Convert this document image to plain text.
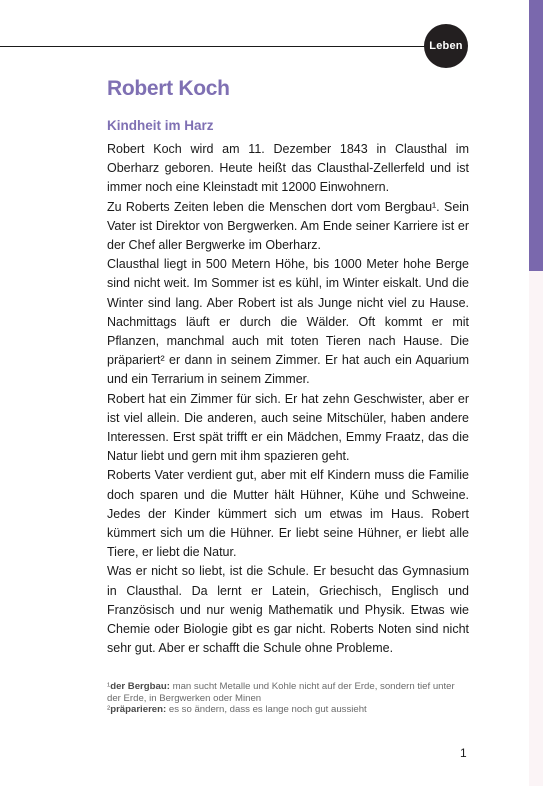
Leben
Robert Koch
Kindheit im Harz

Robert Koch wird am 11. Dezember 1843 in Clausthal im Oberharz geboren. Heute heißt das Clausthal-Zellerfeld und ist immer noch eine Kleinstadt mit 12000 Einwohnern.

Zu Roberts Zeiten leben die Menschen dort vom Bergbau¹. Sein Vater ist Direktor von Bergwerken. Am Ende seiner Karriere ist er der Chef aller Bergwerke im Oberharz.

Clausthal liegt in 500 Metern Höhe, bis 1000 Meter hohe Berge sind nicht weit. Im Sommer ist es kühl, im Winter eiskalt. Und die Winter sind lang. Aber Robert ist als Junge nicht viel zu Hause. Nachmittags läuft er durch die Wälder. Oft kommt er mit Pflanzen, manchmal auch mit toten Tieren nach Hause. Die präpariert² er dann in seinem Zimmer. Er hat auch ein Aquarium und ein Terrarium in seinem Zimmer.

Robert hat ein Zimmer für sich. Er hat zehn Geschwister, aber er ist viel allein. Die anderen, auch seine Mitschüler, haben andere Interessen. Erst spät trifft er ein Mädchen, Emmy Fraatz, das die Natur liebt und gern mit ihm spazieren geht.

Roberts Vater verdient gut, aber mit elf Kindern muss die Familie doch sparen und die Mutter hält Hühner, Kühe und Schweine. Jedes der Kinder kümmert sich um etwas im Haus. Robert kümmert sich um die Hühner. Er liebt seine Hühner, er liebt alle Tiere, er liebt die Natur.

Was er nicht so liebt, ist die Schule. Er besucht das Gymnasium in Clausthal. Da lernt er Latein, Griechisch, Englisch und Französisch und nur wenig Mathematik und Physik. Etwas wie Chemie oder Biologie gibt es gar nicht. Roberts Noten sind nicht sehr gut. Aber er schafft die Schule ohne Probleme.

¹der Bergbau: man sucht Metalle und Kohle nicht auf der Erde, sondern tief unter der Erde, in Bergwerken oder Minen
²präparieren: es so ändern, dass es lange noch gut aussieht
1
